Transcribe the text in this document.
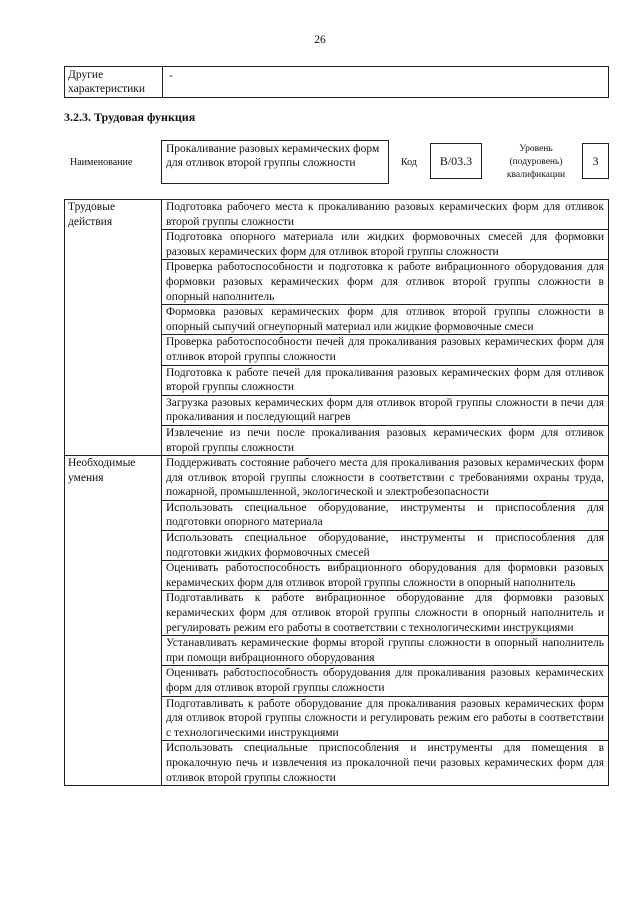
26
Другие характеристики	-
3.2.3. Трудовая функция
Наименование
Прокаливание разовых керамических форм для отливок второй группы сложности	Код	B/03.3
Уровень (подуровень) квалификации
3
Трудовые действия	Подготовка рабочего места к прокаливанию разовых керамических форм для отливок второй группы сложности
	Подготовка опорного материала или жидких формовочных смесей для формовки разовых керамических форм для отливок второй группы сложности
	Проверка работоспособности и подготовка к работе вибрационного оборудования для формовки разовых керамических форм для отливок второй группы сложности в опорный наполнитель
	Формовка разовых керамических форм для отливок второй группы сложности в опорный сыпучий огнеупорный материал или жидкие формовочные смеси
	Проверка работоспособности печей для прокаливания разовых керамических форм для отливок второй группы сложности
	Подготовка к работе печей для прокаливания разовых керамических форм для отливок второй группы сложности
	Загрузка разовых керамических форм для отливок второй группы сложности в печи для прокаливания и последующий нагрев
	Извлечение из печи после прокаливания разовых керамических форм для отливок второй группы сложности
Необходимые умения	Поддерживать состояние рабочего места для прокаливания разовых керамических форм для отливок второй группы сложности в соответствии с требованиями охраны труда, пожарной, промышленной, экологической и электробезопасности
	Использовать специальное оборудование, инструменты и приспособления для подготовки опорного материала
	Использовать специальное оборудование, инструменты и приспособления для подготовки жидких формовочных смесей
	Оценивать работоспособность вибрационного оборудования для формовки разовых керамических форм для отливок второй группы сложности в опорный наполнитель
	Подготавливать к работе вибрационное оборудование для формовки разовых керамических форм для отливок второй группы сложности в опорный наполнитель и регулировать режим его работы в соответствии с технологическими инструкциями
	Устанавливать керамические формы второй группы сложности в опорный наполнитель при помощи вибрационного оборудования
	Оценивать работоспособность оборудования для прокаливания разовых керамических форм для отливок второй группы сложности
	Подготавливать к работе оборудование для прокаливания разовых керамических форм для отливок второй группы сложности и регулировать режим его работы в соответствии с технологическими инструкциями
	Использовать специальные приспособления и инструменты для помещения в прокалочную печь и извлечения из прокалочной печи разовых керамических форм для отливок второй группы сложности
